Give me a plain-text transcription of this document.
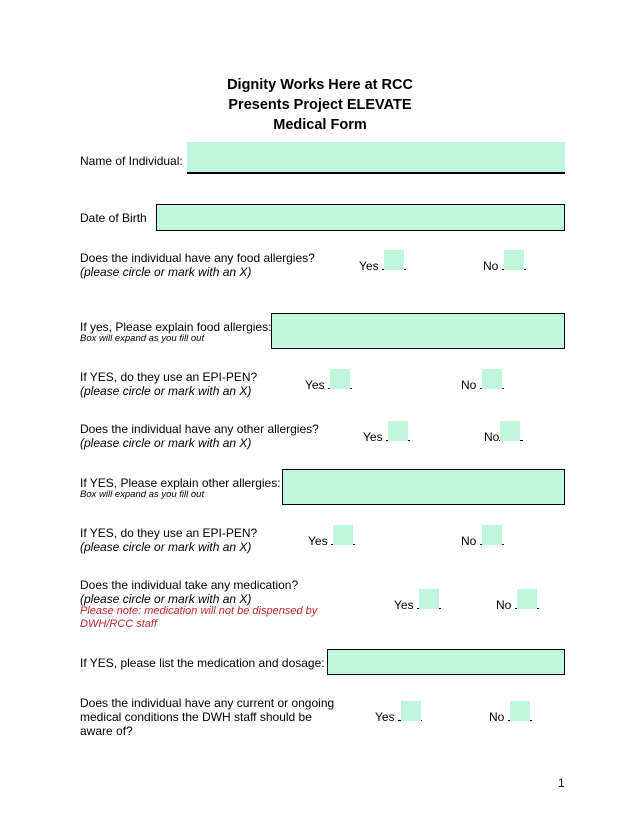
Dignity Works Here at RCC
Presents Project ELEVATE
Medical Form
Name of Individual:
Date of Birth
Does the individual have any food allergies?
(please circle or mark with an X)	Yes	No
If yes, Please explain food allergies:
Box will expand as you fill out
If YES, do they use an EPI-PEN?
(please circle or mark with an X)	Yes	No
Does the individual have any other allergies?
(please circle or mark with an X)	Yes	No
If YES, Please explain other allergies:
Box will expand as you fill out
If YES, do they use an EPI-PEN?
(please circle or mark with an X)	Yes	No
Does the individual take any medication?
(please circle or mark with an X)
Please note: medication will not be dispensed by
DWH/RCC staff
Yes	No
If YES, please list the medication and dosage:
Does the individual have any current or ongoing
medical conditions the DWH staff should be
aware of?
Yes	No
1
